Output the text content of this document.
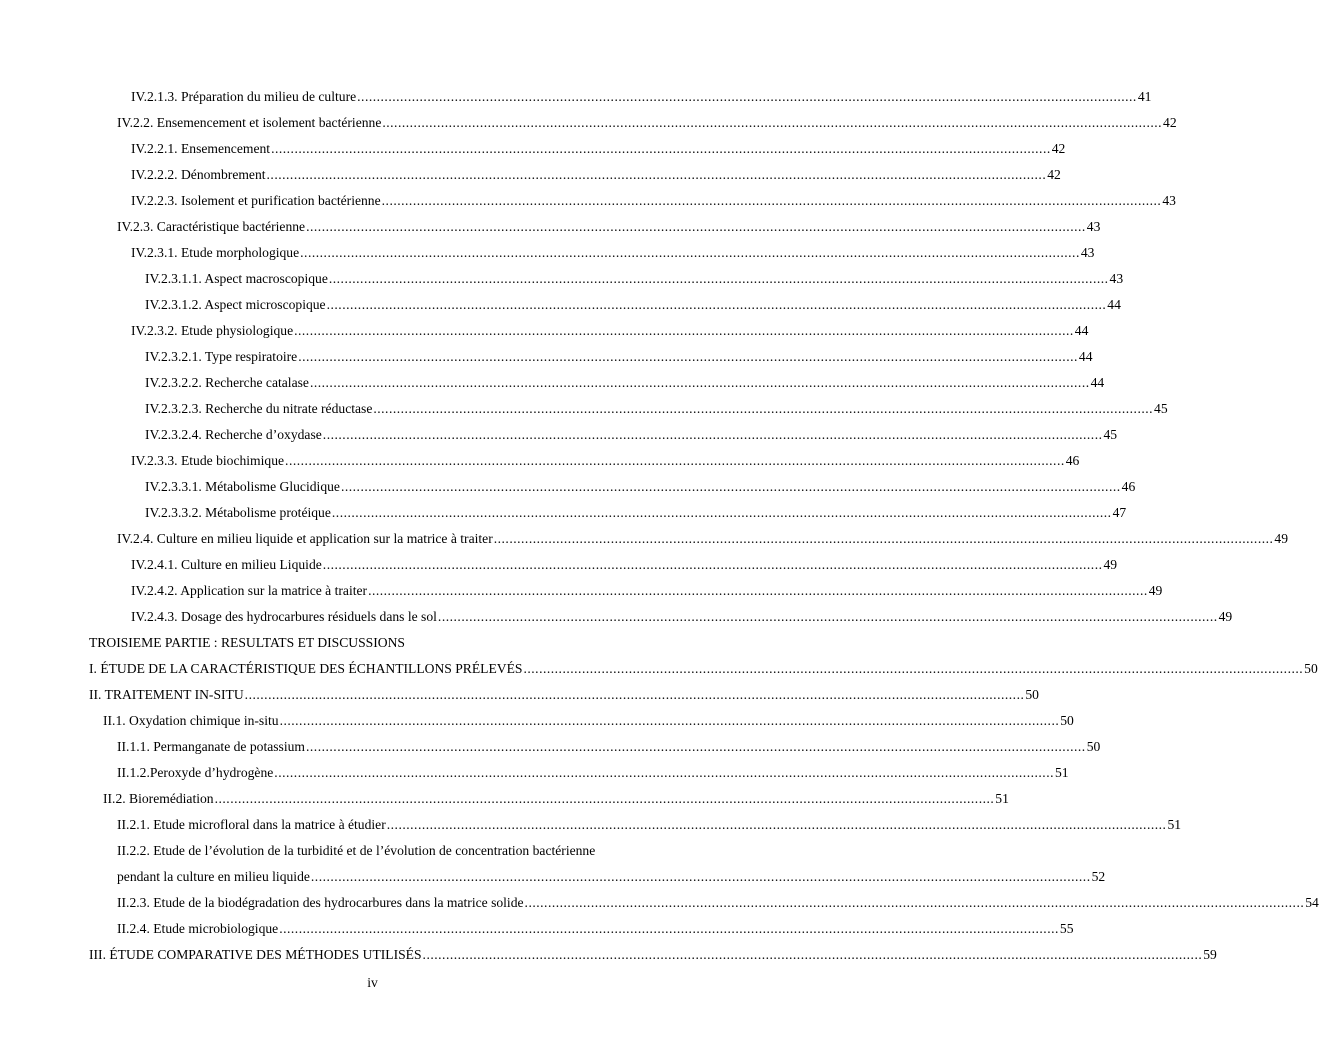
IV.2.1.3. Préparation du milieu de culture ........................................................................................................................................................................................................ 41
IV.2.2. Ensemencement et isolement bactérienne ........................................................................................................................................................................................................ 42
IV.2.2.1. Ensemencement ........................................................................................................................................................................................................ 42
IV.2.2.2. Dénombrement ........................................................................................................................................................................................................ 42
IV.2.2.3. Isolement et purification bactérienne ........................................................................................................................................................................................................ 43
IV.2.3. Caractéristique bactérienne ........................................................................................................................................................................................................ 43
IV.2.3.1. Etude morphologique ........................................................................................................................................................................................................ 43
IV.2.3.1.1. Aspect macroscopique ........................................................................................................................................................................................................ 43
IV.2.3.1.2. Aspect microscopique ........................................................................................................................................................................................................ 44
IV.2.3.2. Etude physiologique ........................................................................................................................................................................................................ 44
IV.2.3.2.1. Type respiratoire ........................................................................................................................................................................................................ 44
IV.2.3.2.2. Recherche catalase ........................................................................................................................................................................................................ 44
IV.2.3.2.3. Recherche du nitrate réductase ........................................................................................................................................................................................................ 45
IV.2.3.2.4. Recherche d’oxydase ........................................................................................................................................................................................................ 45
IV.2.3.3. Etude biochimique ........................................................................................................................................................................................................ 46
IV.2.3.3.1. Métabolisme Glucidique ........................................................................................................................................................................................................ 46
IV.2.3.3.2. Métabolisme protéique ........................................................................................................................................................................................................ 47
IV.2.4. Culture en milieu liquide et application sur la matrice à traiter ........................................................................................................................................................................................................ 49
IV.2.4.1. Culture en milieu Liquide ........................................................................................................................................................................................................ 49
IV.2.4.2. Application sur la matrice à traiter ........................................................................................................................................................................................................ 49
IV.2.4.3. Dosage des hydrocarbures résiduels dans le sol ........................................................................................................................................................................................................ 49
TROISIEME PARTIE : RESULTATS ET DISCUSSIONS
I. ÉTUDE DE LA CARACTÉRISTIQUE DES ÉCHANTILLONS PRÉLEVÉS ........................................................................................................................................................................................................ 50
II. TRAITEMENT IN-SITU ........................................................................................................................................................................................................ 50
II.1. Oxydation chimique in-situ ........................................................................................................................................................................................................ 50
II.1.1. Permanganate de potassium ........................................................................................................................................................................................................ 50
II.1.2.Peroxyde d’hydrogène ........................................................................................................................................................................................................ 51
II.2. Bioremédiation ........................................................................................................................................................................................................ 51
II.2.1. Etude microfloral dans la matrice à étudier ........................................................................................................................................................................................................ 51
II.2.2. Etude de l’évolution de la turbidité et de l’évolution de concentration bactérienne
pendant la culture en milieu liquide ........................................................................................................................................................................................................ 52
II.2.3. Etude de la biodégradation des hydrocarbures dans la matrice solide ........................................................................................................................................................................................................ 54
II.2.4. Etude microbiologique ........................................................................................................................................................................................................ 55
III. ÉTUDE COMPARATIVE DES MÉTHODES UTILISÉS ........................................................................................................................................................................................................ 59
iv
